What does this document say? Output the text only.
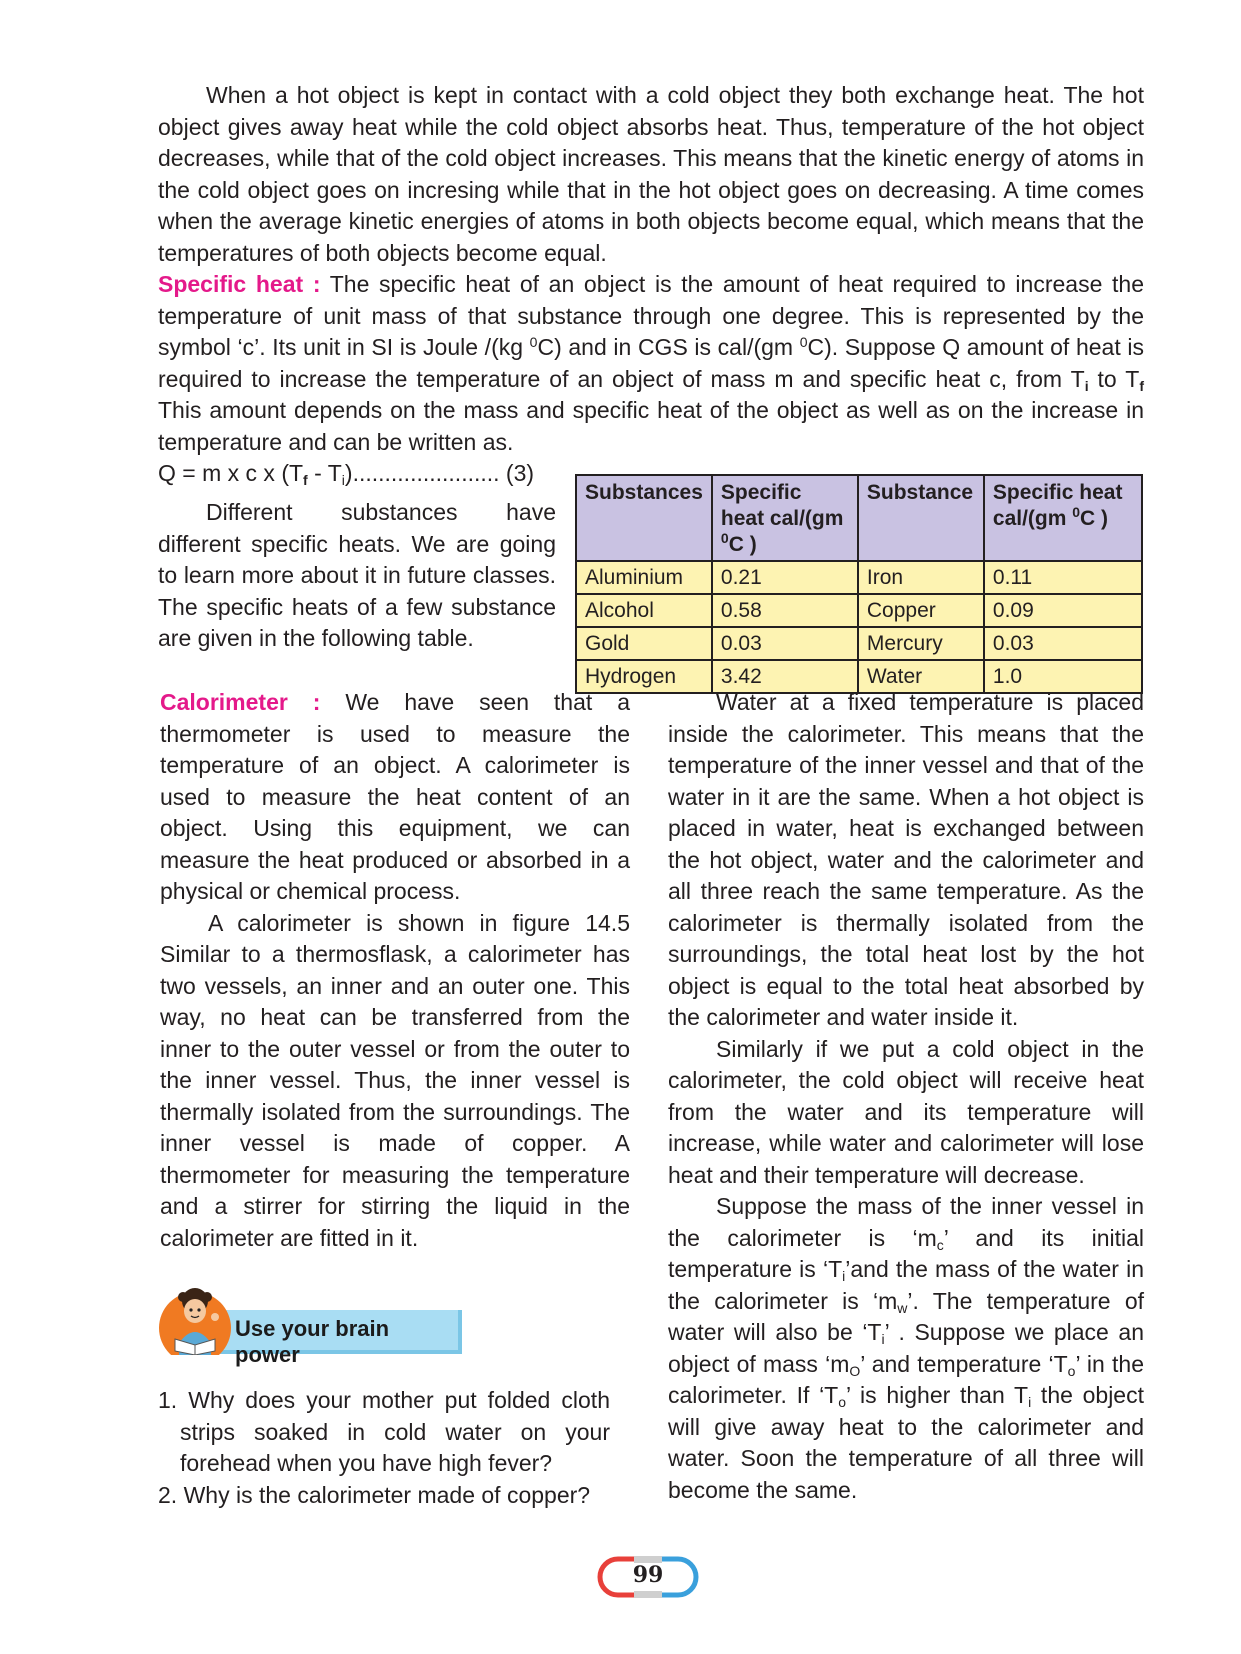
When a hot object is kept in contact with a cold object they both exchange heat. The hot object gives away heat while the cold object absorbs heat. Thus, temperature of the hot object decreases, while that of the cold object increases. This means that the kinetic energy of atoms in the cold object goes on incresing while that in the hot object goes on decreasing. A time comes when the average kinetic energies of atoms in both objects become equal, which means that the temperatures of both objects become equal.

Specific heat : The specific heat of an object is the amount of heat required to increase the temperature of unit mass of that substance through one degree. This is represented by the symbol ‘c’. Its unit in SI is Joule /(kg $^0$C) and in CGS is cal/(gm $^0$C). Suppose Q amount of heat is required to increase the temperature of an object of mass m and specific heat c, from $T_i$ to $T_f$ This amount depends on the mass and specific heat of the object as well as on the increase in temperature and can be written as.

Q = m x c x $(T_f - T_i)$....................... (3)

Different substances have different specific heats. We are going to learn more about it in future classes. The specific heats of a few substance are given in the following table.

Substances	Specific heat cal/(gm $^0$C )	Substance	Specific heat cal/(gm $^0$C )
Aluminium	0.21	Iron	0.11
Alcohol	0.58	Copper	0.09
Gold	0.03	Mercury	0.03
Hydrogen	3.42	Water	1.0

Calorimeter : We have seen that a thermometer is used to measure the temperature of an object. A calorimeter is used to measure the heat content of an object. Using this equipment, we can measure the heat produced or absorbed in a physical or chemical process.

A calorimeter is shown in figure 14.5 Similar to a thermosflask, a calorimeter has two vessels, an inner and an outer one. This way, no heat can be transferred from the inner to the outer vessel or from the outer to the inner vessel. Thus, the inner vessel is thermally isolated from the surroundings. The inner vessel is made of copper. A thermometer for measuring the temperature and a stirrer for stirring the liquid in the calorimeter are fitted in it.

Use your brain power
1. Why does your mother put folded cloth strips soaked in cold water on your forehead when you have high fever?
2. Why is the calorimeter made of copper?

Water at a fixed temperature is placed inside the calorimeter. This means that the temperature of the inner vessel and that of the water in it are the same. When a hot object is placed in water, heat is exchanged between the hot object, water and the calorimeter and all three reach the same temperature. As the calorimeter is thermally isolated from the surroundings, the total heat lost by the hot object is equal to the total heat absorbed by the calorimeter and water inside it.

Similarly if we put a cold object in the calorimeter, the cold object will receive heat from the water and its temperature will increase, while water and calorimeter will lose heat and their temperature will decrease.

Suppose the mass of the inner vessel in the calorimeter is ‘$m_c$’ and its initial temperature is ‘$T_i’and$ the mass of the water in the calorimeter is ‘$m_w$’. The temperature of water will also be ‘$T_i$’ . Suppose we place an object of mass ‘$m_O$’ and temperature ‘$T_o$’ in the calorimeter. If ‘$T_o$’ is higher than $T_i$ the object will give away heat to the calorimeter and water. Soon the temperature of all three will become the same.

99
